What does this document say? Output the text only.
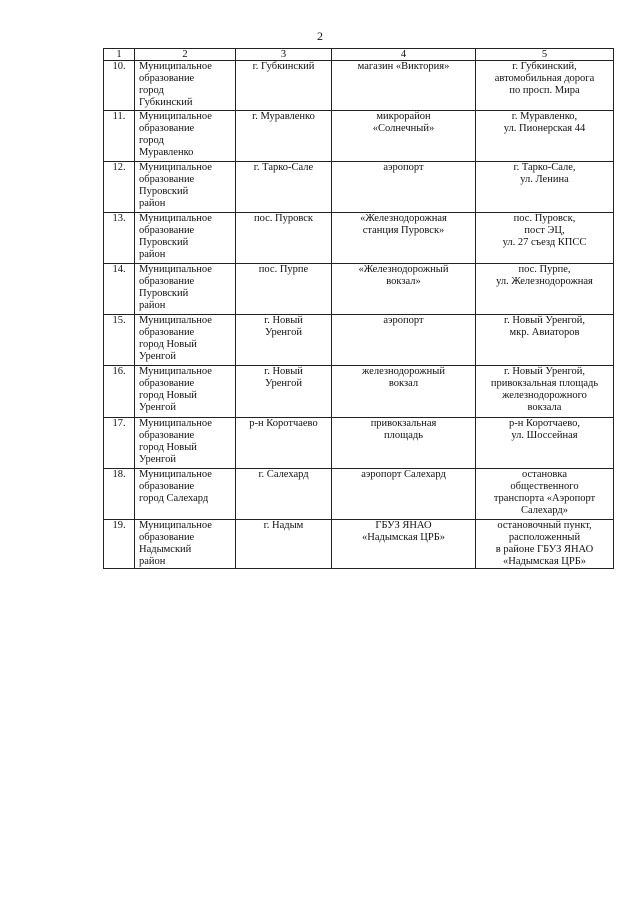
2
1	2	3	4	5
10.	Муниципальное
образование
город
Губкинский	г. Губкинский	магазин «Виктория»	г. Губкинский,
автомобильная дорога
по просп. Мира

11.	Муниципальное
образование
город
Муравленко	г. Муравленко	микрорайон
«Солнечный»	г. Муравленко,
ул. Пионерская 44

12.	Муниципальное
образование
Пуровский
район	г. Тарко-Сале	аэропорт	г. Тарко-Сале,
ул. Ленина

13.	Муниципальное
образование
Пуровский
район	пос. Пуровск	«Железнодорожная
станция Пуровск»	пос. Пуровск,
пост ЭЦ,
ул. 27 съезд КПСС

14.	Муниципальное
образование
Пуровский
район	пос. Пурпе	«Железнодорожный
вокзал»	пос. Пурпе,
ул. Железнодорожная

15.	Муниципальное
образование
город Новый
Уренгой	г. Новый
Уренгой	аэропорт	г. Новый Уренгой,
мкр. Авиаторов

16.	Муниципальное
образование
город Новый
Уренгой	г. Новый
Уренгой	железнодорожный
вокзал	г. Новый Уренгой,
привокзальная площадь
железнодорожного
вокзала

17.	Муниципальное
образование
город Новый
Уренгой	р-н Коротчаево	привокзальная
площадь	р-н Коротчаево,
ул. Шоссейная

18.	Муниципальное
образование
город Салехард	г. Салехард	аэропорт Салехард	остановка
общественного
транспорта «Аэропорт
Салехард»

19.	Муниципальное
образование
Надымский
район	г. Надым	ГБУЗ ЯНАО
«Надымская ЦРБ»	остановочный пункт,
расположенный
в районе ГБУЗ ЯНАО
«Надымская ЦРБ»
